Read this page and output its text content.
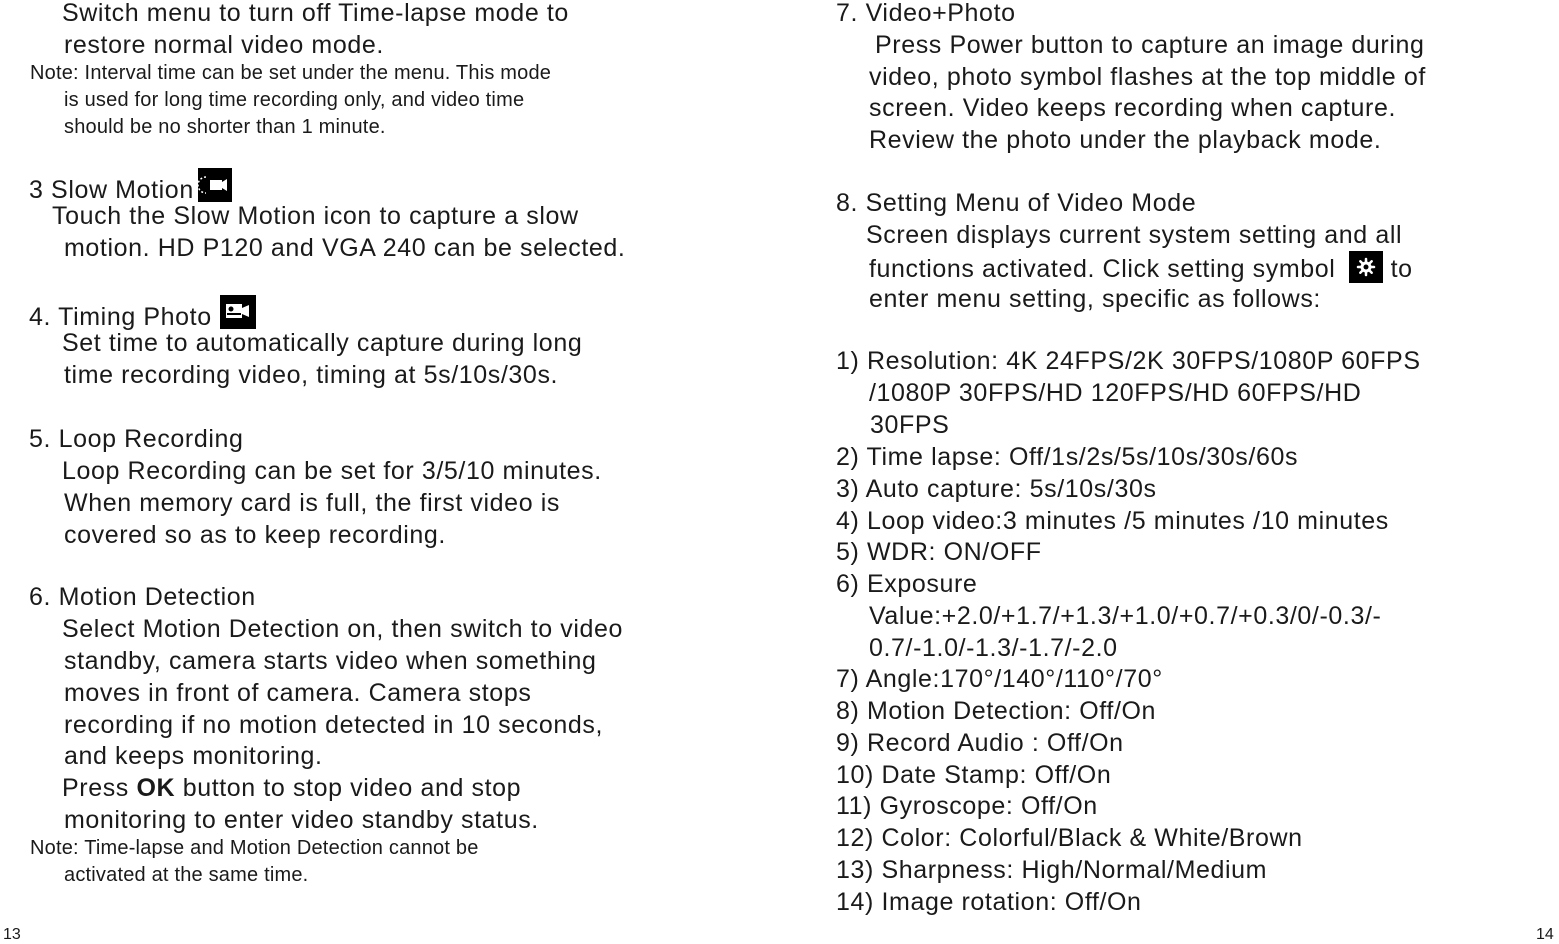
Switch menu to turn off Time-lapse mode to
restore normal video mode.
Note: Interval time can be set under the menu. This mode
is used for long time recording only, and video time
should be no shorter than 1 minute.
3 Slow Motion
Touch the Slow Motion icon to capture a slow
motion. HD P120 and VGA 240 can be selected.
4. Timing Photo
Set time to automatically capture during long
time recording video, timing at 5s/10s/30s.
5. Loop Recording
Loop Recording can be set for 3/5/10 minutes.
When memory card is full, the first video is
covered so as to keep recording.
6. Motion Detection
Select Motion Detection on, then switch to video
standby, camera starts video when something
moves in front of camera. Camera stops
recording if no motion detected in 10 seconds,
and keeps monitoring.
Press OK button to stop video and stop
monitoring to enter video standby status.
Note: Time-lapse and Motion Detection cannot be
activated at the same time.
13
7. Video+Photo
Press Power button to capture an image during
video, photo symbol flashes at the top middle of
screen. Video keeps recording when capture.
Review the photo under the playback mode.
8. Setting Menu of Video Mode
Screen displays current system setting and all
functions activated. Click setting symbol to
enter menu setting, specific as follows:
1) Resolution: 4K 24FPS/2K 30FPS/1080P 60FPS
/1080P 30FPS/HD 120FPS/HD 60FPS/HD
30FPS
2) Time lapse: Off/1s/2s/5s/10s/30s/60s
3) Auto capture: 5s/10s/30s
4) Loop video:3 minutes /5 minutes /10 minutes
5) WDR: ON/OFF
6) Exposure
Value:+2.0/+1.7/+1.3/+1.0/+0.7/+0.3/0/-0.3/-
0.7/-1.0/-1.3/-1.7/-2.0
7) Angle:170°/140°/110°/70°
8) Motion Detection: Off/On
9) Record Audio : Off/On
10) Date Stamp: Off/On
11) Gyroscope: Off/On
12) Color: Colorful/Black & White/Brown
13) Sharpness: High/Normal/Medium
14) Image rotation: Off/On
14
